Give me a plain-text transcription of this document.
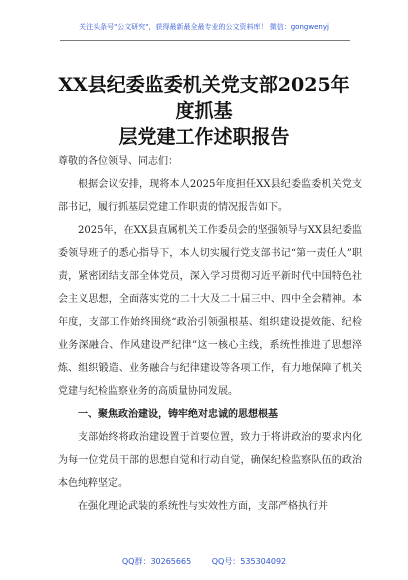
关注头条号"公文研究"，获得最新最全最专业的公文资料库！ 微信：gongwenyj
XX县纪委监委机关党支部2025年度抓基
层党建工作述职报告

尊敬的各位领导、同志们：

根据会议安排，现将本人2025年度担任XX县纪委监委机关党支部书记，履行抓基层党建工作职责的情况报告如下。

2025年，在XX县直属机关工作委员会的坚强领导与XX县纪委监委领导班子的悉心指导下，本人切实履行党支部书记“第一责任人”职责，紧密团结支部全体党员，深入学习贯彻习近平新时代中国特色社会主义思想，全面落实党的二十大及二十届三中、四中全会精神。本年度，支部工作始终围绕“政治引领强根基、组织建设提效能、纪检业务深融合、作风建设严纪律”这一核心主线，系统性推进了思想淬炼、组织锻造、业务融合与纪律建设等各项工作，有力地保障了机关党建与纪检监察业务的高质量协同发展。

一、聚焦政治建设，铸牢绝对忠诚的思想根基

支部始终将政治建设置于首要位置，致力于将讲政治的要求内化为每一位党员干部的思想自觉和行动自觉，确保纪检监察队伍的政治本色纯粹坚定。

在强化理论武装的系统性与实效性方面，支部严格执行并

QQ群：30265665	QQ号：535304092
